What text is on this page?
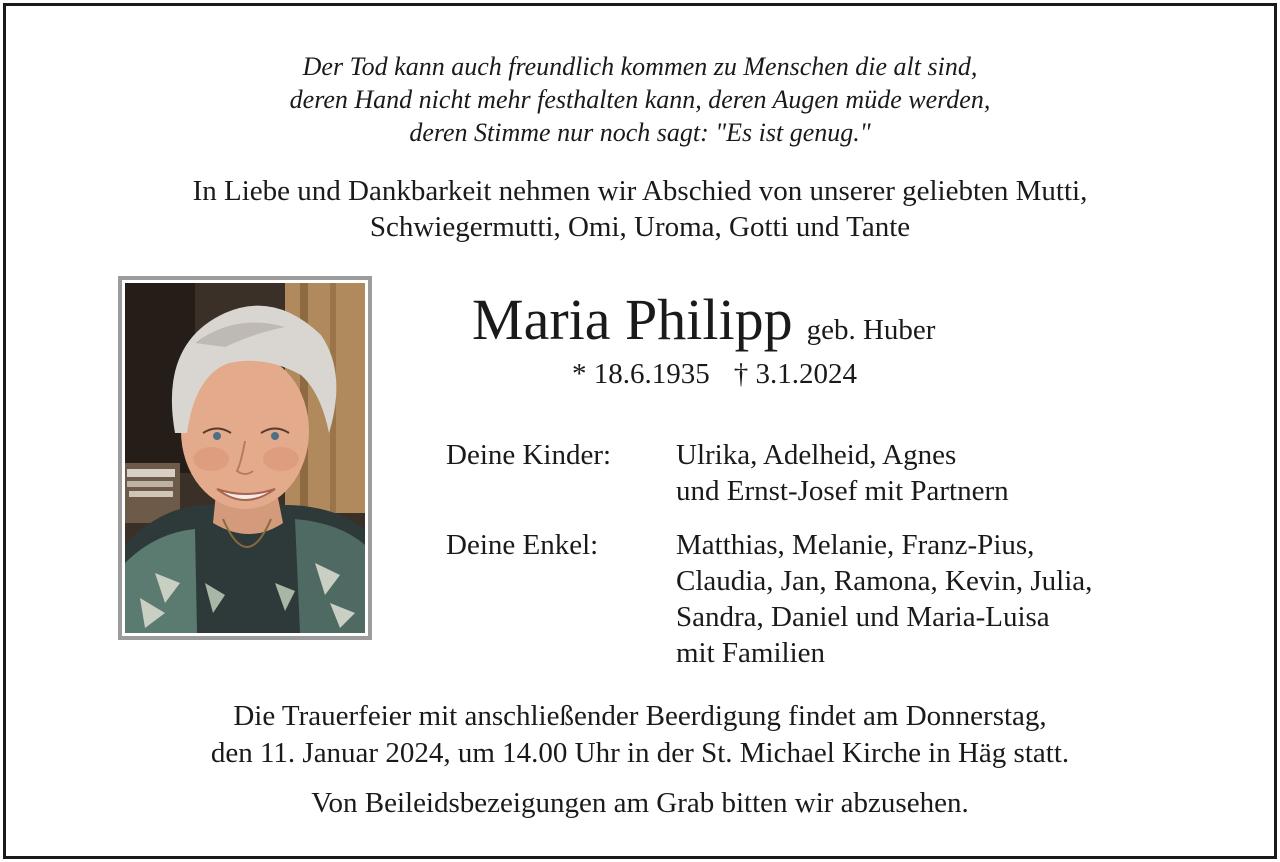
Der Tod kann auch freundlich kommen zu Menschen die alt sind,
deren Hand nicht mehr festhalten kann, deren Augen müde werden,
deren Stimme nur noch sagt: "Es ist genug."
In Liebe und Dankbarkeit nehmen wir Abschied von unserer geliebten Mutti,
Schwiegermutti, Omi, Uroma, Gotti und Tante
Maria Philipp geb. Huber
* 18.6.1935 † 3.1.2024
Deine Kinder: Ulrika, Adelheid, Agnes
und Ernst-Josef mit Partnern
Deine Enkel:	Matthias, Melanie, Franz-Pius,
Claudia, Jan, Ramona, Kevin, Julia,
Sandra, Daniel und Maria-Luisa
mit Familien
Die Trauerfeier mit anschließender Beerdigung findet am Donnerstag,
den 11. Januar 2024, um 14.00 Uhr in der St. Michael Kirche in Häg statt.
Von Beileidsbezeigungen am Grab bitten wir abzusehen.
